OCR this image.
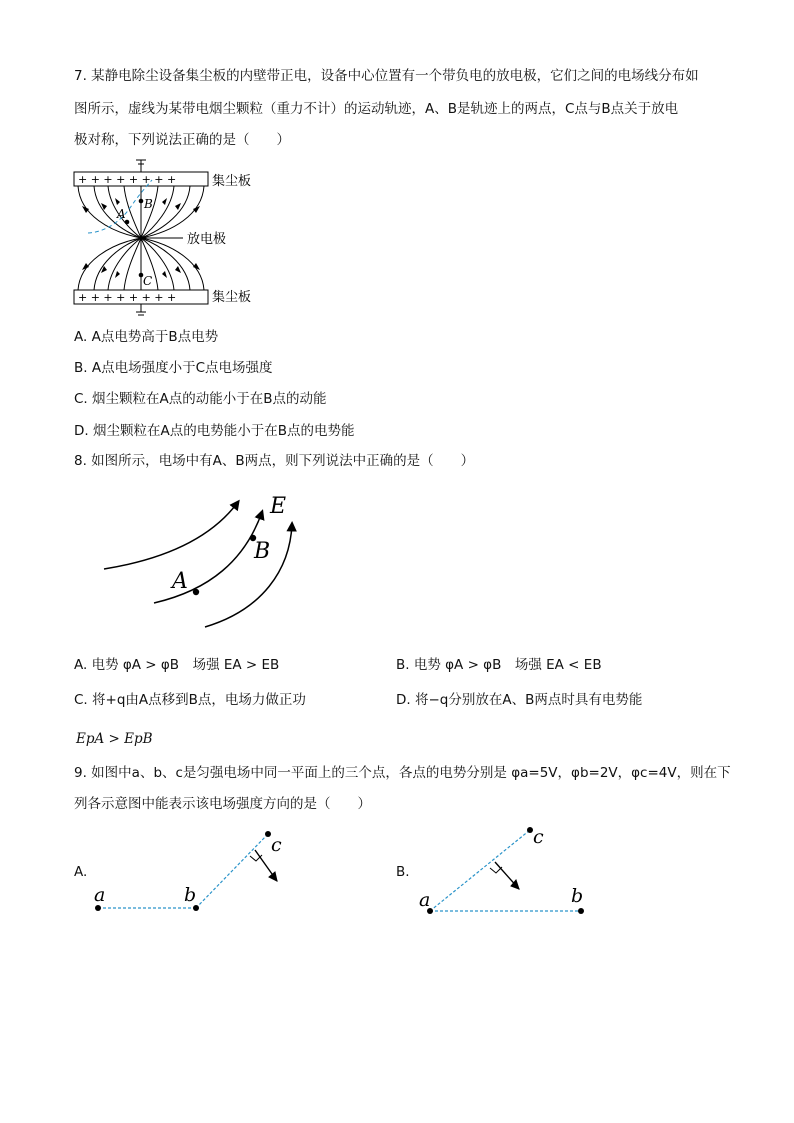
7. 某静电除尘设备集尘板的内壁带正电，设备中心位置有一个带负电的放电极，它们之间的电场线分布如
图所示，虚线为某带电烟尘颗粒（重力不计）的运动轨迹，A、B是轨迹上的两点，C点与B点关于放电
极对称，下列说法正确的是（　　）
+ + + + + + + +	集尘板
A
B
C
放电极
+ + + + + + + +	集尘板
A
B
E
a	b
c
a	b
c
A. A点电势高于B点电势
B. A点电场强度小于C点电场强度
C. 烟尘颗粒在A点的动能小于在B点的动能
D. 烟尘颗粒在A点的电势能小于在B点的电势能
8. 如图所示，电场中有A、B两点，则下列说法中正确的是（　　）
A. 电势 φA > φB　场强 EA > EB	B. 电势 φA > φB　场强 EA < EB
C. 将+q由A点移到B点，电场力做正功	D. 将−q分别放在A、B两点时具有电势能
EpA > EpB
9. 如图中a、b、c是匀强电场中同一平面上的三个点，各点的电势分别是 φa=5V，φb=2V，φc=4V，则在下
列各示意图中能表示该电场强度方向的是（　　）
A.	B.
